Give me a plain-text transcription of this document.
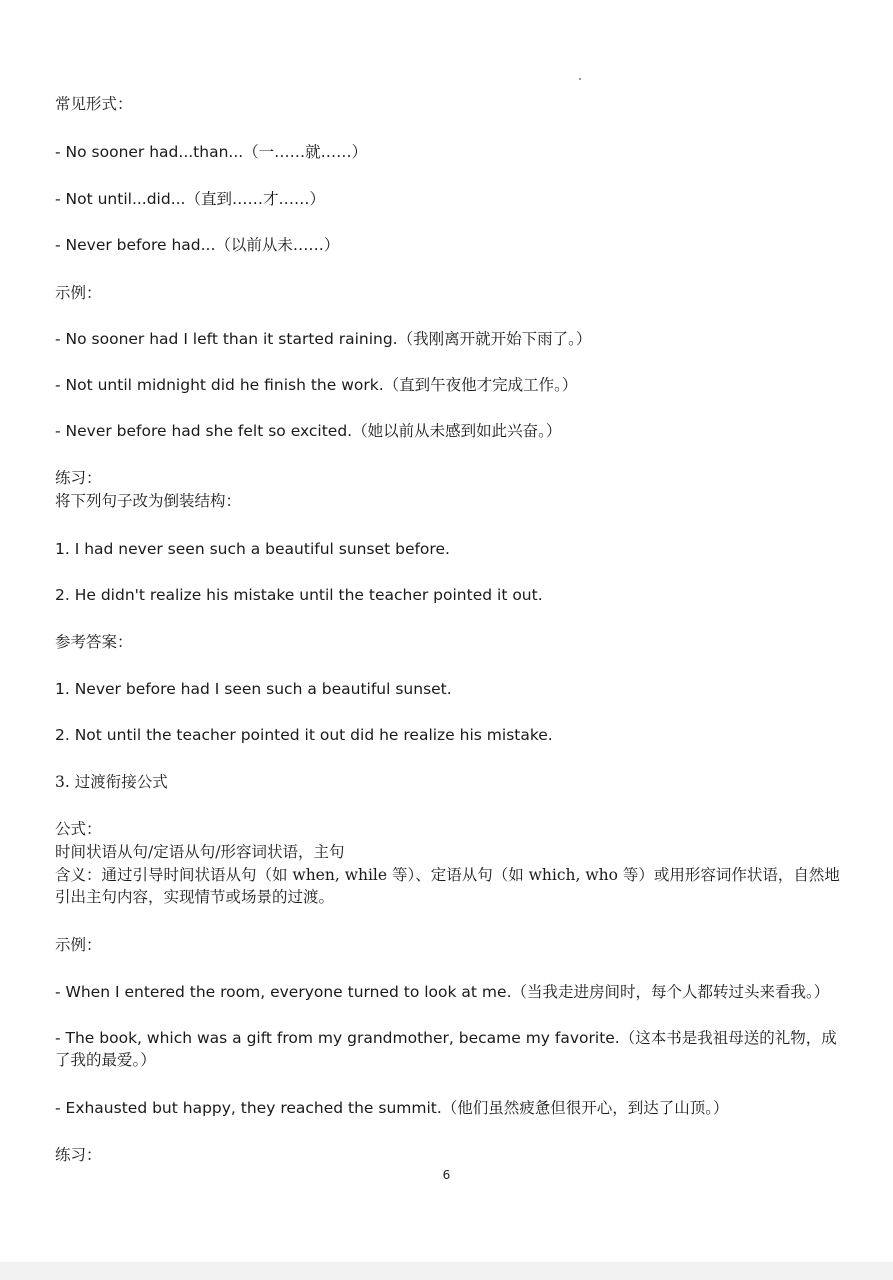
常见形式：
- No sooner had...than...（一……就……）
- Not until...did...（直到……才……）
- Never before had...（以前从未……）
示例：
- No sooner had I left than it started raining.（我刚离开就开始下雨了。）
- Not until midnight did he finish the work.（直到午夜他才完成工作。）
- Never before had she felt so excited.（她以前从未感到如此兴奋。）
练习：
将下列句子改为倒装结构：
1. I had never seen such a beautiful sunset before.
2. He didn't realize his mistake until the teacher pointed it out.
参考答案：
1. Never before had I seen such a beautiful sunset.
2. Not until the teacher pointed it out did he realize his mistake.
3. 过渡衔接公式
公式：
时间状语从句/定语从句/形容词状语，主句
含义：通过引导时间状语从句（如 when, while 等）、定语从句（如 which, who 等）或用形容词作状语，自然地引出主句内容，实现情节或场景的过渡。
示例：
- When I entered the room, everyone turned to look at me.（当我走进房间时，每个人都转过头来看我。）
- The book, which was a gift from my grandmother, became my favorite.（这本书是我祖母送的礼物，成了我的最爱。）
- Exhausted but happy, they reached the summit.（他们虽然疲惫但很开心，到达了山顶。）
练习：
6
